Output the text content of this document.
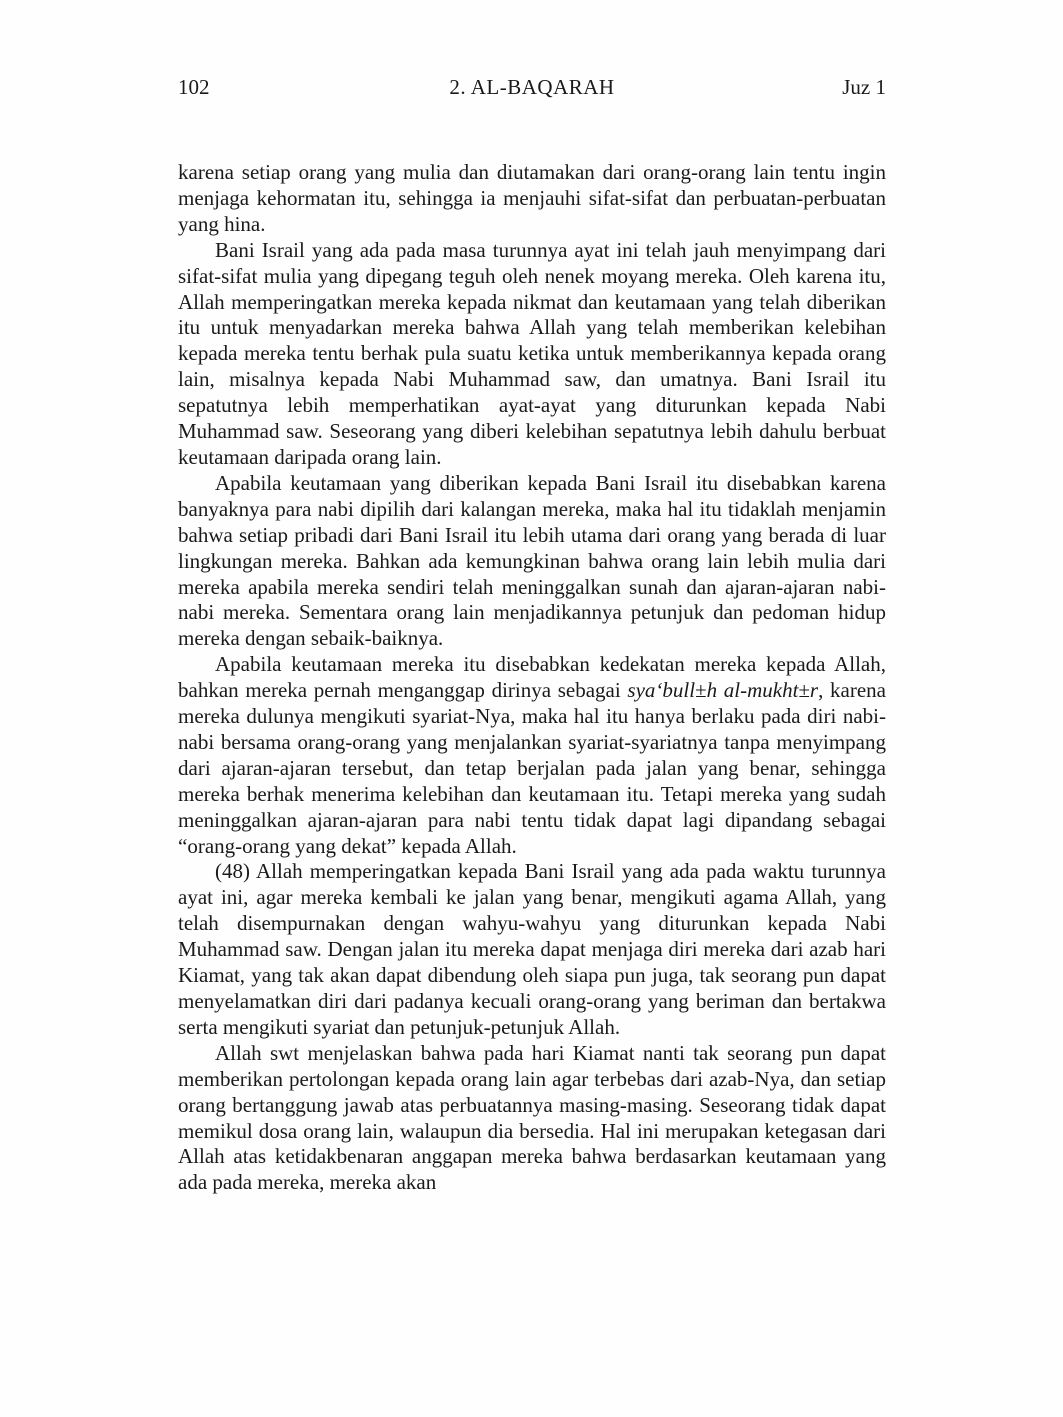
102	2. AL-BAQARAH	Juz 1

karena setiap orang yang mulia dan diutamakan dari orang-orang lain tentu ingin menjaga kehormatan itu, sehingga ia menjauhi sifat-sifat dan perbuatan-perbuatan yang hina.

Bani Israil yang ada pada masa turunnya ayat ini telah jauh menyimpang dari sifat-sifat mulia yang dipegang teguh oleh nenek moyang mereka. Oleh karena itu, Allah memperingatkan mereka kepada nikmat dan keutamaan yang telah diberikan itu untuk menyadarkan mereka bahwa Allah yang telah memberikan kelebihan kepada mereka tentu berhak pula suatu ketika untuk memberikannya kepada orang lain, misalnya kepada Nabi Muhammad saw, dan umatnya. Bani Israil itu sepatutnya lebih memperhatikan ayat-ayat yang diturunkan kepada Nabi Muhammad saw. Seseorang yang diberi kelebihan sepatutnya lebih dahulu berbuat keutamaan daripada orang lain.

Apabila keutamaan yang diberikan kepada Bani Israil itu disebabkan karena banyaknya para nabi dipilih dari kalangan mereka, maka hal itu tidaklah menjamin bahwa setiap pribadi dari Bani Israil itu lebih utama dari orang yang berada di luar lingkungan mereka. Bahkan ada kemungkinan bahwa orang lain lebih mulia dari mereka apabila mereka sendiri telah meninggalkan sunah dan ajaran-ajaran nabi-nabi mereka. Sementara orang lain menjadikannya petunjuk dan pedoman hidup mereka dengan sebaik-baiknya.

Apabila keutamaan mereka itu disebabkan kedekatan mereka kepada Allah, bahkan mereka pernah menganggap dirinya sebagai sya‘bull±h al-mukht±r, karena mereka dulunya mengikuti syariat-Nya, maka hal itu hanya berlaku pada diri nabi-nabi bersama orang-orang yang menjalankan syariat-syariatnya tanpa menyimpang dari ajaran-ajaran tersebut, dan tetap berjalan pada jalan yang benar, sehingga mereka berhak menerima kelebihan dan keutamaan itu. Tetapi mereka yang sudah meninggalkan ajaran-ajaran para nabi tentu tidak dapat lagi dipandang sebagai “orang-orang yang dekat” kepada Allah.

(48) Allah memperingatkan kepada Bani Israil yang ada pada waktu turunnya ayat ini, agar mereka kembali ke jalan yang benar, mengikuti agama Allah, yang telah disempurnakan dengan wahyu-wahyu yang diturunkan kepada Nabi Muhammad saw. Dengan jalan itu mereka dapat menjaga diri mereka dari azab hari Kiamat, yang tak akan dapat dibendung oleh siapa pun juga, tak seorang pun dapat menyelamatkan diri dari padanya kecuali orang-orang yang beriman dan bertakwa serta mengikuti syariat dan petunjuk-petunjuk Allah.

Allah swt menjelaskan bahwa pada hari Kiamat nanti tak seorang pun dapat memberikan pertolongan kepada orang lain agar terbebas dari azab-Nya, dan setiap orang bertanggung jawab atas perbuatannya masing-masing. Seseorang tidak dapat memikul dosa orang lain, walaupun dia bersedia. Hal ini merupakan ketegasan dari Allah atas ketidakbenaran anggapan mereka bahwa berdasarkan keutamaan yang ada pada mereka, mereka akan
